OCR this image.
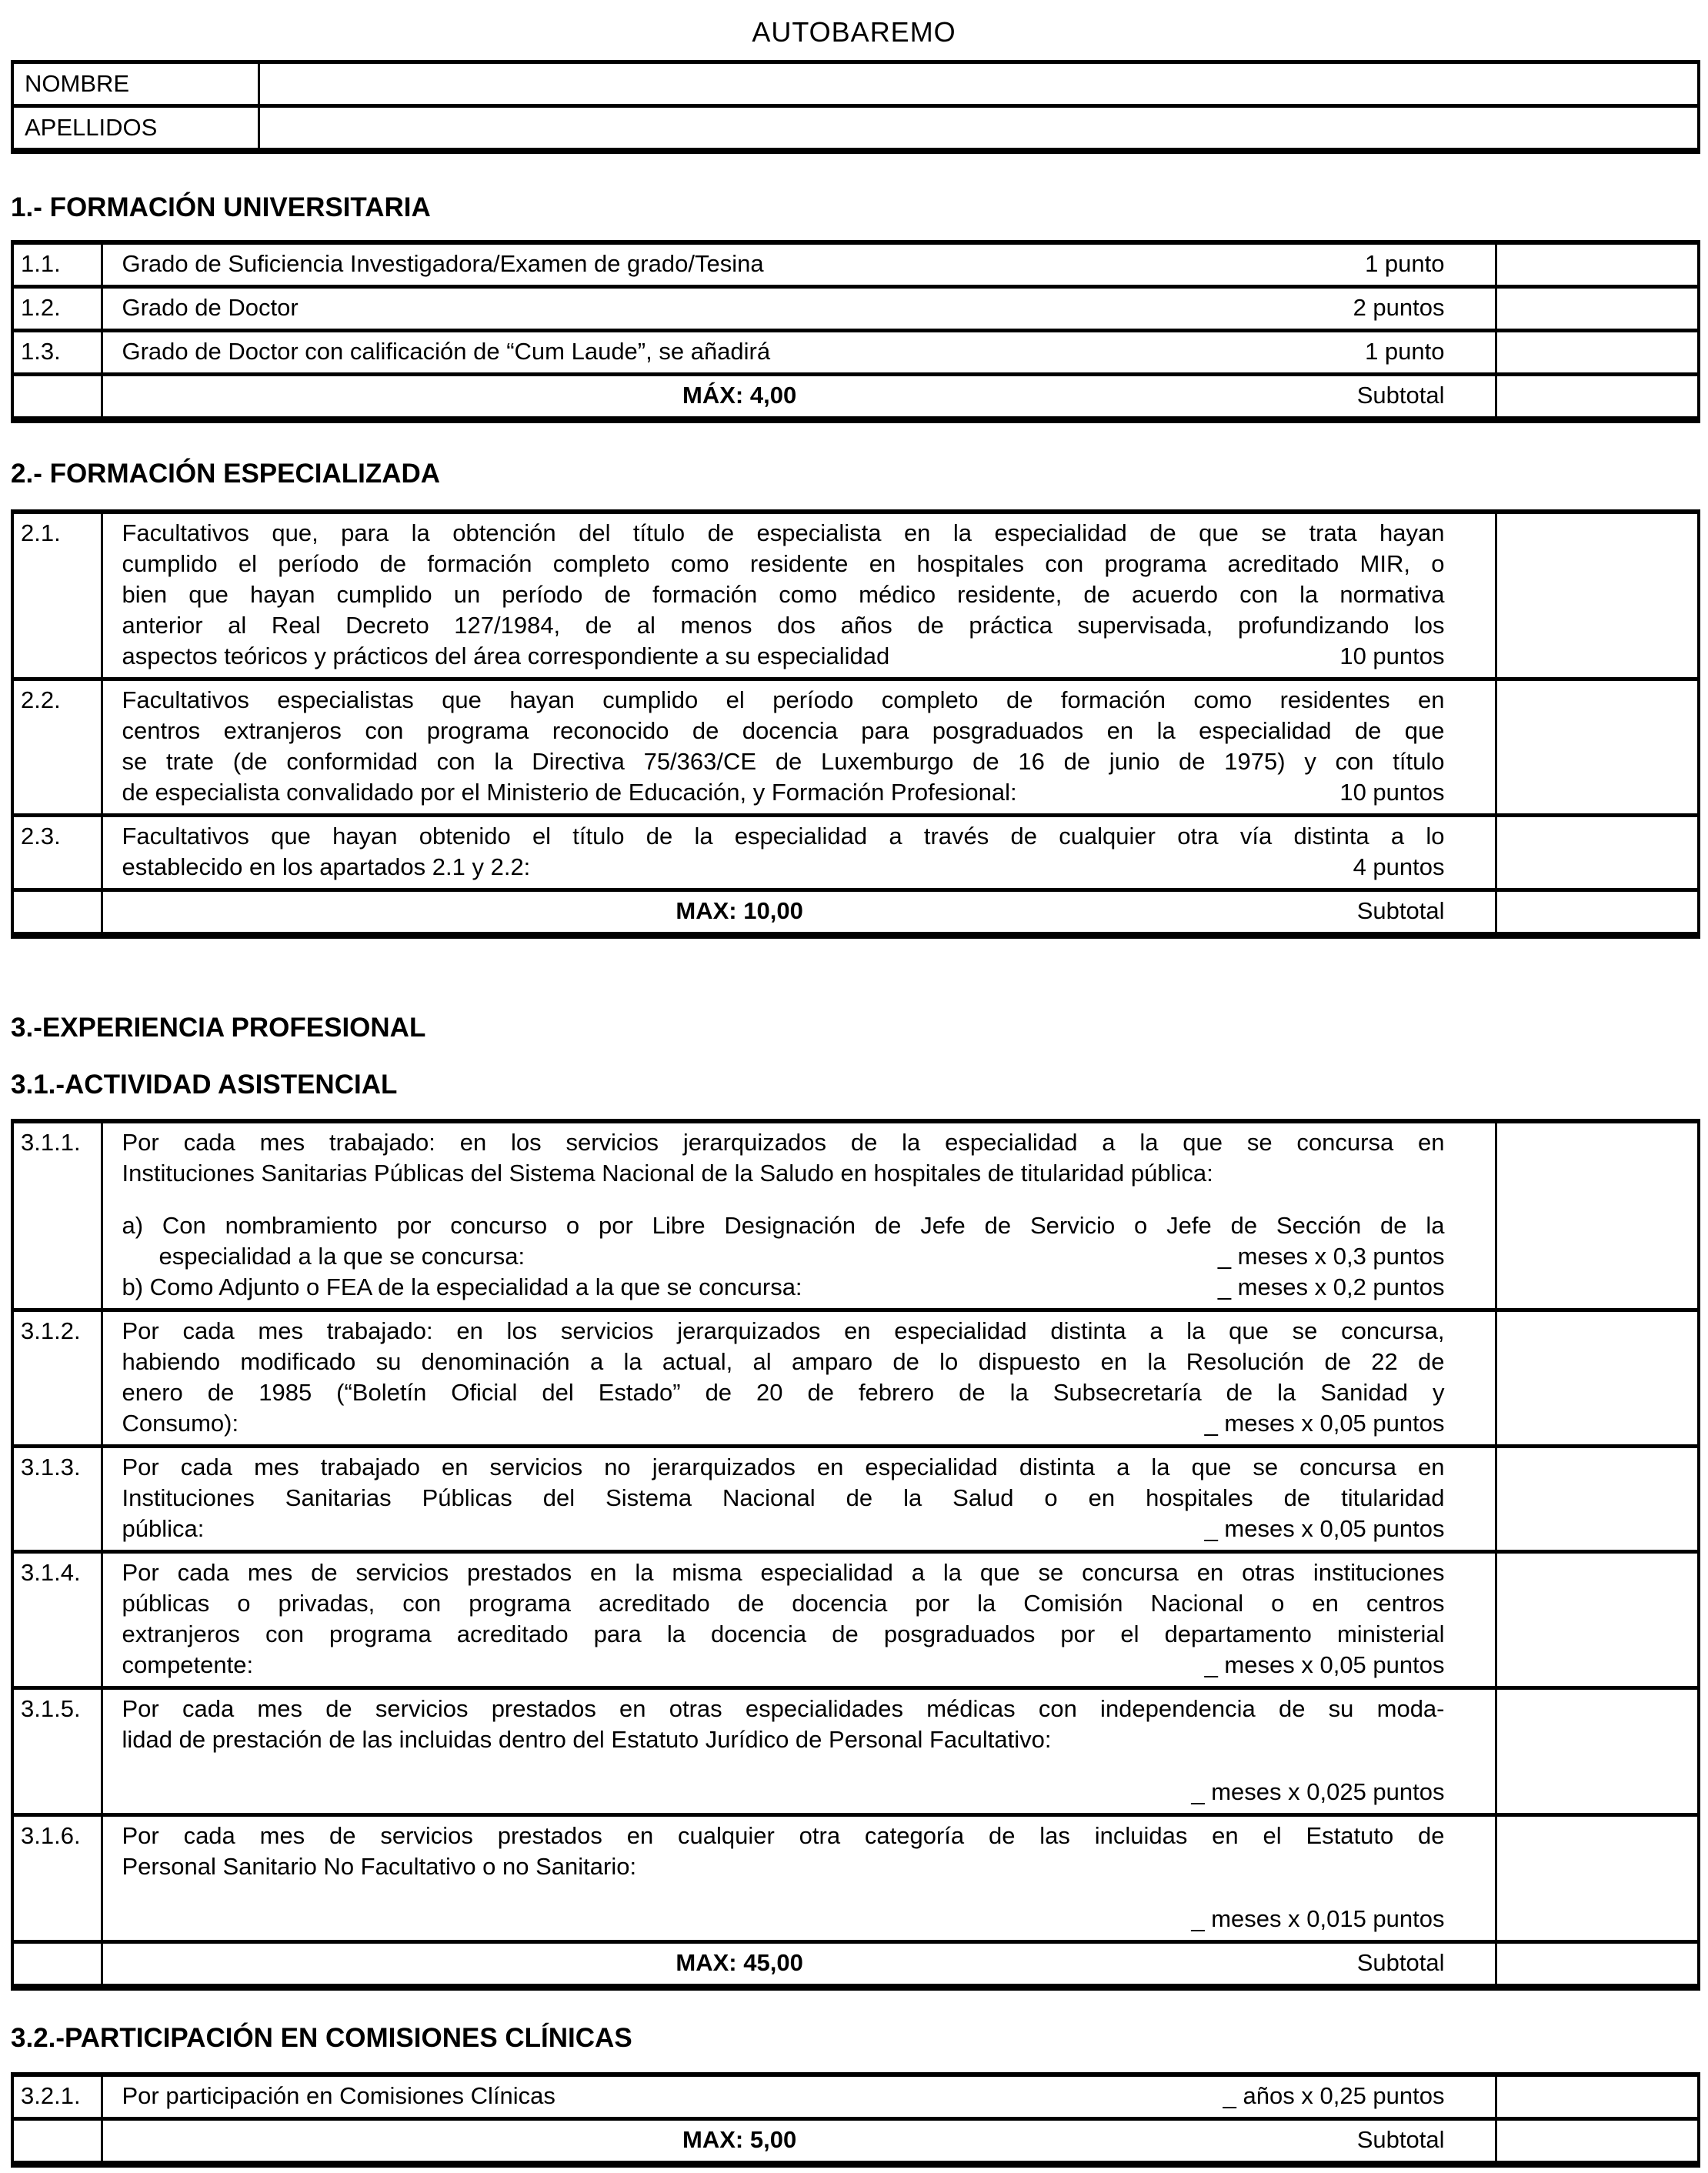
AUTOBAREMO
NOMBRE	
APELLIDOS	
1.- FORMACIÓN UNIVERSITARIA
1.1.	Grado de Suficiencia Investigadora/Examen de grado/Tesina 1 punto	

1.2.	Grado de Doctor 2 puntos	

1.3.	Grado de Doctor con calificación de “Cum Laude”, se añadirá 1 punto	

	MÁX: 4,00 Subtotal	

2.- FORMACIÓN ESPECIALIZADA
2.1.	Facultativos que, para la obtención del título de especialista en la especialidad de que se trata hayan
cumplido el período de formación completo como residente en hospitales con programa acreditado MIR, o
bien que hayan cumplido un período de formación como médico residente, de acuerdo con la normativa
anterior al Real Decreto 127/1984, de al menos dos años de práctica supervisada, profundizando los
aspectos teóricos y prácticos del área correspondiente a su especialidad	10 puntos

2.2.	Facultativos especialistas que hayan cumplido el período completo de formación como residentes en
centros extranjeros con programa reconocido de docencia para posgraduados en la especialidad de que
se trate (de conformidad con la Directiva 75/363/CE de Luxemburgo de 16 de junio de 1975) y con título
de especialista convalidado por el Ministerio de Educación, y Formación Profesional: 10 puntos	

2.3.	Facultativos que hayan obtenido el título de la especialidad a través de cualquier otra vía distinta a lo
establecido en los apartados 2.1 y 2.2: 4 puntos	

	MAX: 10,00 Subtotal	

3.-EXPERIENCIA PROFESIONAL
3.1.-ACTIVIDAD ASISTENCIAL
3.1.1.	Por cada mes trabajado: en los servicios jerarquizados de la especialidad a la que se concursa en
Instituciones Sanitarias Públicas del Sistema Nacional de la Saludo en hospitales de titularidad pública:
a) Con nombramiento por concurso o por Libre Designación de Jefe de Servicio o Jefe de Sección de la
especialidad a la que se concursa:	_ meses x 0,3 puntos
b) Como Adjunto o FEA de la especialidad a la que se concursa:	_ meses x 0,2 puntos

3.1.2.	Por cada mes trabajado: en los servicios jerarquizados en especialidad distinta a la que se concursa,
habiendo modificado su denominación a la actual, al amparo de lo dispuesto en la Resolución de 22 de
enero de 1985 (“Boletín Oficial del Estado” de 20 de febrero de la Subsecretaría de la Sanidad y
Consumo): _ meses x 0,05 puntos	

3.1.3.	Por cada mes trabajado en servicios no jerarquizados en especialidad distinta a la que se concursa en
Instituciones Sanitarias Públicas del Sistema Nacional de la Salud o en hospitales de titularidad
pública: _ meses x 0,05 puntos	

3.1.4.	Por cada mes de servicios prestados en la misma especialidad a la que se concursa en otras instituciones
públicas o privadas, con programa acreditado de docencia por la Comisión Nacional o en centros
extranjeros con programa acreditado para la docencia de posgraduados por el departamento ministerial
competente: _ meses x 0,05 puntos	

3.1.5.	Por cada mes de servicios prestados en otras especialidades médicas con independencia de su moda-
lidad de prestación de las incluidas dentro del Estatuto Jurídico de Personal Facultativo:
_ meses x 0,025 puntos	

3.1.6.	Por cada mes de servicios prestados en cualquier otra categoría de las incluidas en el Estatuto de
Personal Sanitario No Facultativo o no Sanitario:
_ meses x 0,015 puntos	

	MAX: 45,00 Subtotal	

3.2.-PARTICIPACIÓN EN COMISIONES CLÍNICAS
3.2.1.	Por participación en Comisiones Clínicas _ años x 0,25 puntos	

	MAX: 5,00 Subtotal	
